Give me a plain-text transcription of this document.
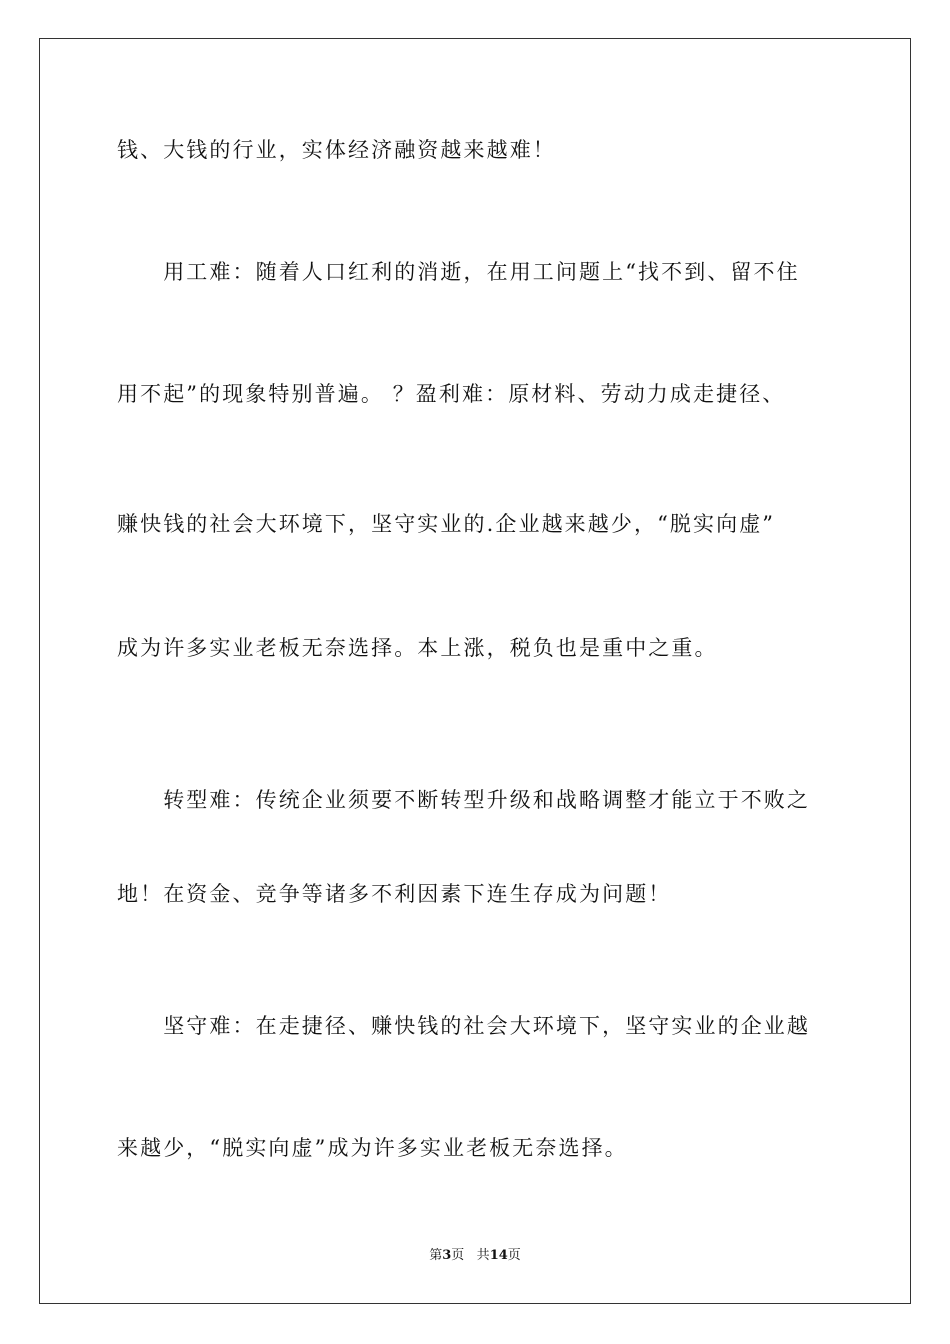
钱、大钱的行业，实体经济融资越来越难！
　　用工难：随着人口红利的消逝，在用工问题上“找不到、留不住
用不起”的现象特别普遍。 ？盈利难：原材料、劳动力成走捷径、
赚快钱的社会大环境下，坚守实业的.企业越来越少，“脱实向虚”
成为许多实业老板无奈选择。本上涨，税负也是重中之重。
　　转型难：传统企业须要不断转型升级和战略调整才能立于不败之
地！在资金、竞争等诸多不利因素下连生存成为问题！
　　坚守难：在走捷径、赚快钱的社会大环境下，坚守实业的企业越
来越少，“脱实向虚”成为许多实业老板无奈选择。
第3页 共14页
